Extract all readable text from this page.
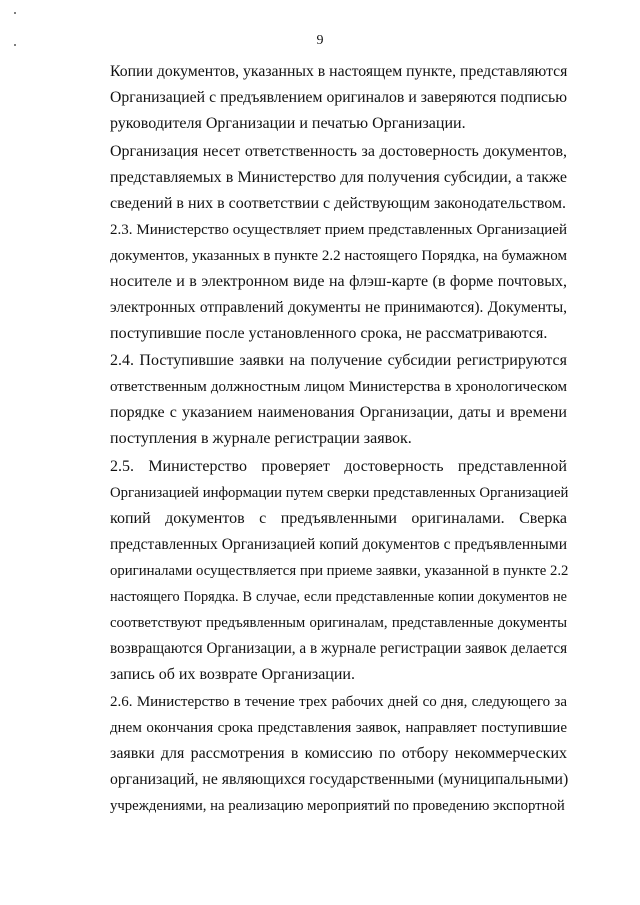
9

Копии документов, указанных в настоящем пункте, представляются
Организацией с предъявлением оригиналов и заверяются подписью
руководителя Организации и печатью Организации.

Организация несет ответственность за достоверность документов,
представляемых в Министерство для получения субсидии, а также
сведений в них в соответствии с действующим законодательством.

2.3. Министерство осуществляет прием представленных Организацией
документов, указанных в пункте 2.2 настоящего Порядка, на бумажном
носителе и в электронном виде на флэш-карте (в форме почтовых,
электронных отправлений документы не принимаются). Документы,
поступившие после установленного срока, не рассматриваются.

2.4. Поступившие заявки на получение субсидии регистрируются
ответственным должностным лицом Министерства в хронологическом
порядке с указанием наименования Организации, даты и времени
поступления в журнале регистрации заявок.

2.5. Министерство проверяет достоверность представленной
Организацией информации путем сверки представленных Организацией
копий документов с предъявленными оригиналами. Сверка
представленных Организацией копий документов с предъявленными
оригиналами осуществляется при приеме заявки, указанной в пункте 2.2
настоящего Порядка. В случае, если представленные копии документов не
соответствуют предъявленным оригиналам, представленные документы
возвращаются Организации, а в журнале регистрации заявок делается
запись об их возврате Организации.

2.6. Министерство в течение трех рабочих дней со дня, следующего за
днем окончания срока представления заявок, направляет поступившие
заявки для рассмотрения в комиссию по отбору некоммерческих
организаций, не являющихся государственными (муниципальными)
учреждениями, на реализацию мероприятий по проведению экспортной
